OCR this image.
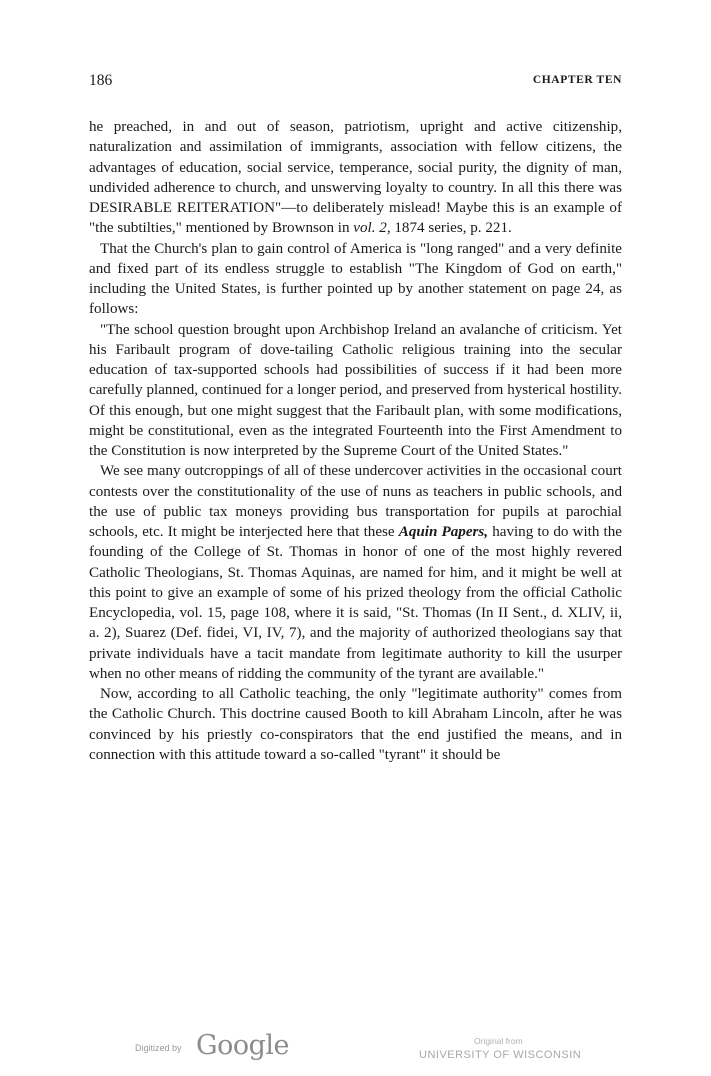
186	CHAPTER TEN

he preached, in and out of season, patriotism, upright and active citizenship, naturalization and assimilation of immigrants, association with fellow citizens, the advantages of education, social service, temperance, social purity, the dignity of man, undivided adherence to church, and unswerving loyalty to country. In all this there was DESIRABLE REITERATION"—to deliberately mislead! Maybe this is an example of "the subtilties," mentioned by Brownson in vol. 2, 1874 series, p. 221.

That the Church's plan to gain control of America is "long ranged" and a very definite and fixed part of its endless struggle to establish "The Kingdom of God on earth," including the United States, is further pointed up by another statement on page 24, as follows:

"The school question brought upon Archbishop Ireland an avalanche of criticism. Yet his Faribault program of dove-tailing Catholic religious training into the secular education of tax-supported schools had possibilities of success if it had been more carefully planned, continued for a longer period, and preserved from hysterical hostility. Of this enough, but one might suggest that the Faribault plan, with some modifications, might be constitutional, even as the integrated Fourteenth into the First Amendment to the Constitution is now interpreted by the Supreme Court of the United States."

We see many outcroppings of all of these undercover activities in the occasional court contests over the constitutionality of the use of nuns as teachers in public schools, and the use of public tax moneys providing bus transportation for pupils at parochial schools, etc. It might be interjected here that these Aquin Papers, having to do with the founding of the College of St. Thomas in honor of one of the most highly revered Catholic Theologians, St. Thomas Aquinas, are named for him, and it might be well at this point to give an example of some of his prized theology from the official Catholic Encyclopedia, vol. 15, page 108, where it is said, "St. Thomas (In II Sent., d. XLIV, ii, a. 2), Suarez (Def. fidei, VI, IV, 7), and the majority of authorized theologians say that private individuals have a tacit mandate from legitimate authority to kill the usurper when no other means of ridding the community of the tyrant are available."

Now, according to all Catholic teaching, the only "legitimate authority" comes from the Catholic Church. This doctrine caused Booth to kill Abraham Lincoln, after he was convinced by his priestly co-conspirators that the end justified the means, and in connection with this attitude toward a so-called "tyrant" it should be

Digitized by Google	Original from
UNIVERSITY OF WISCONSIN
